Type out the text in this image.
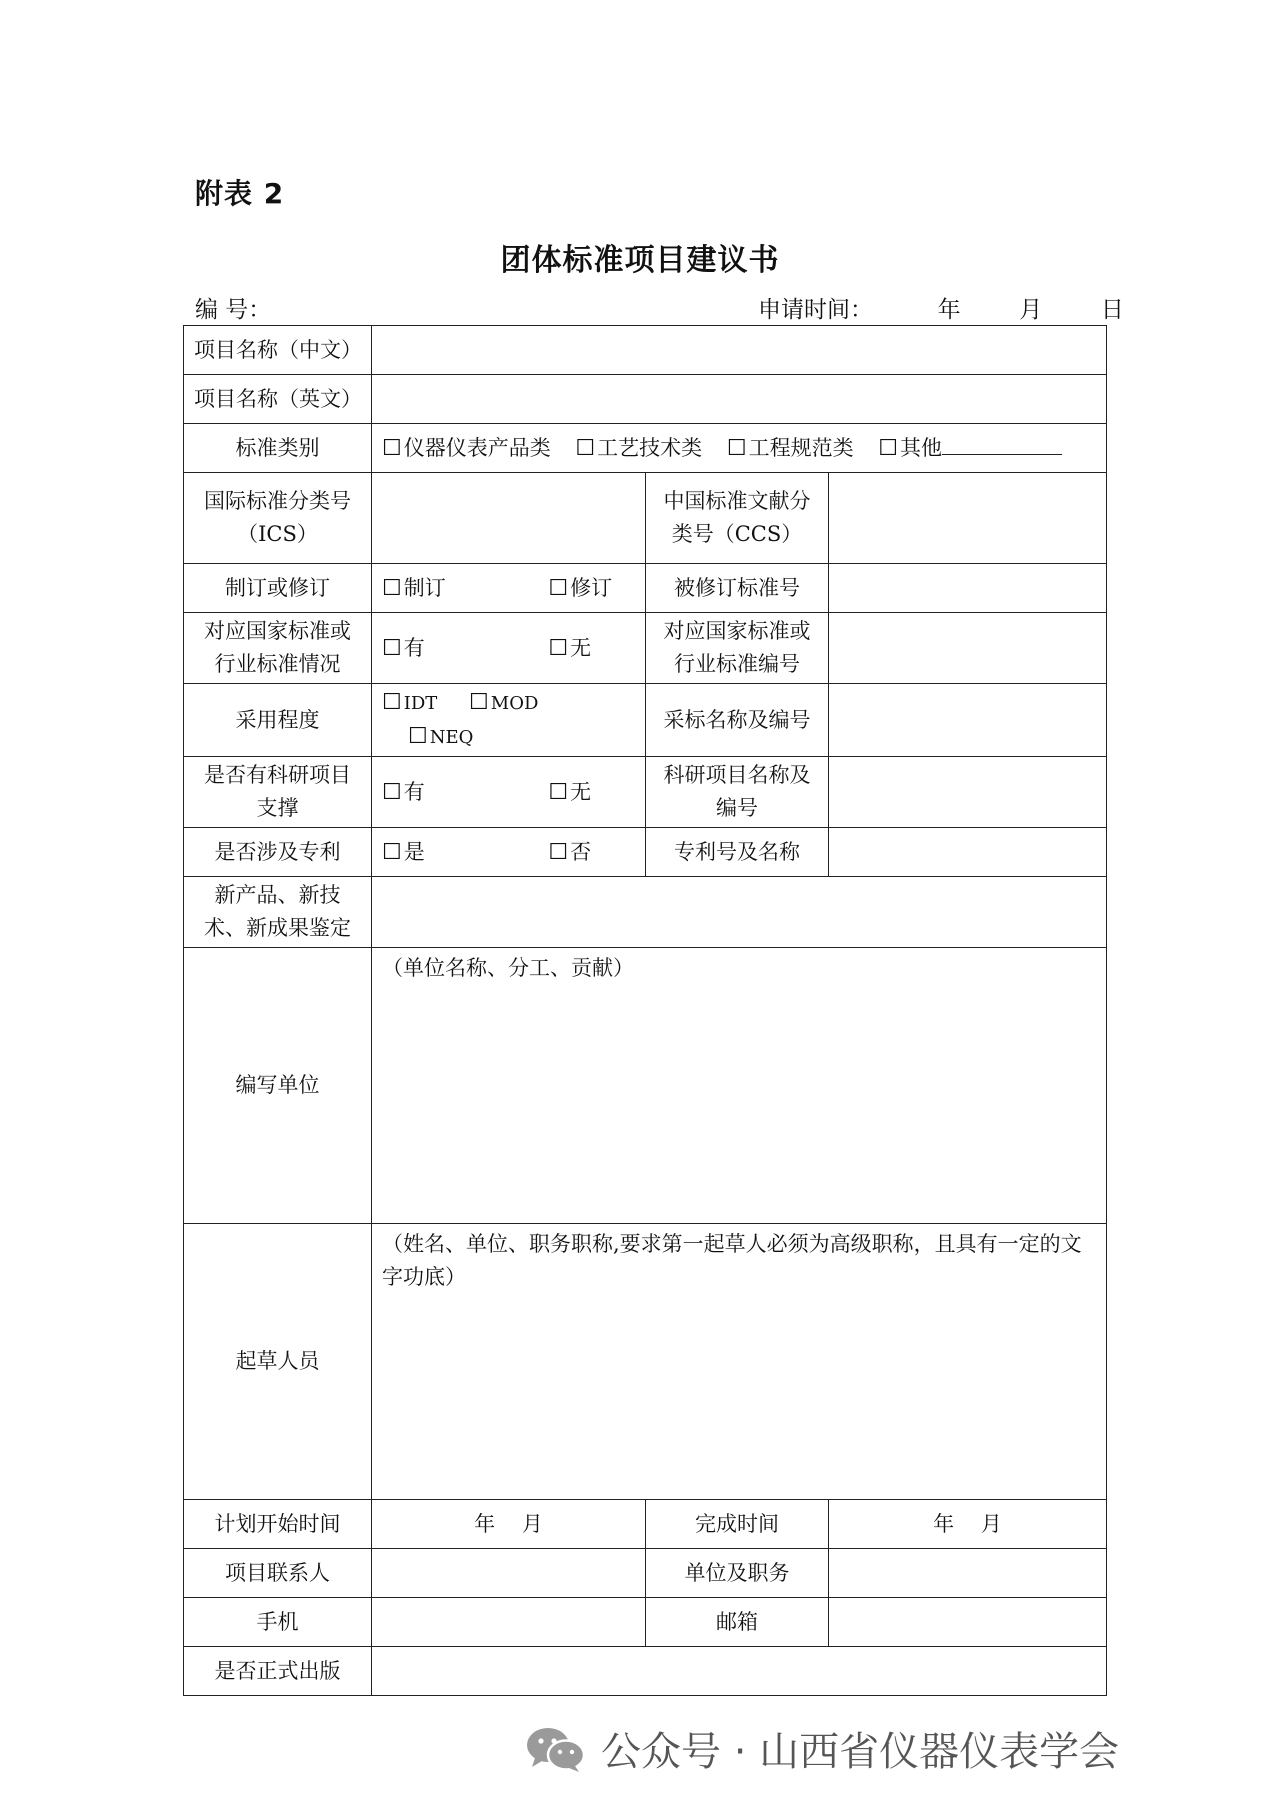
附表 2
团体标准项目建议书
编 号：	申请时间：	年	月	日
项目名称（中文）			
项目名称（英文）			
标准类别	☐仪器仪表产品类 ☐工艺技术类 ☐工程规范类 ☐其他		
国际标准分类号（ICS）		中国标准文献分类号（CCS）	
制订或修订	☐制订 ☐修订	被修订标准号	
对应国家标准或行业标准情况	☐有 ☐无	对应国家标准或行业标准编号	
采用程度	☐ IDT ☐ MOD ☐ NEQ	采标名称及编号	
是否有科研项目支撑	☐有 ☐无	科研项目名称及编号	
是否涉及专利	☐是 ☐否	专利号及名称	
新产品、新技术、新成果鉴定			
编写单位	（单位名称、分工、贡献）		
起草人员	（姓名、单位、职务职称,要求第一起草人必须为高级职称，且具有一定的文字功底）		
计划开始时间	年    月	完成时间	年    月
项目联系人		单位及职务	
手机		邮箱	
是否正式出版			
公众号 · 山西省仪器仪表学会
